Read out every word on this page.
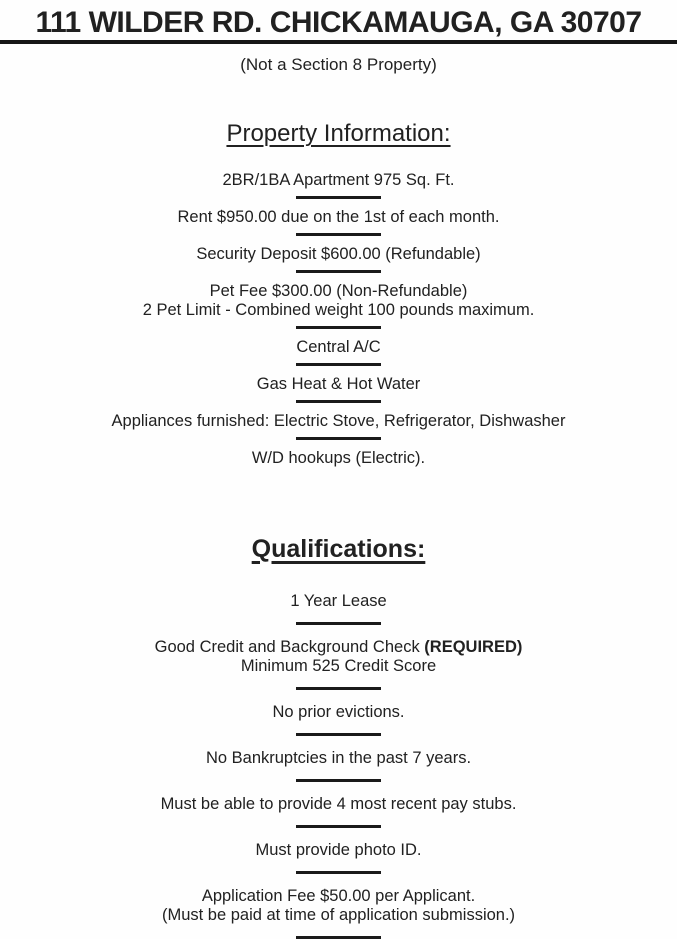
111 WILDER RD. CHICKAMAUGA, GA 30707

(Not a Section 8 Property)

Property Information:

2BR/1BA Apartment 975 Sq. Ft.

Rent $950.00 due on the 1st of each month.

Security Deposit $600.00 (Refundable)

Pet Fee $300.00 (Non-Refundable)

2 Pet Limit - Combined weight 100 pounds maximum.

Central A/C

Gas Heat & Hot Water

Appliances furnished: Electric Stove, Refrigerator, Dishwasher

W/D hookups (Electric).

Qualifications:

1 Year Lease

Good Credit and Background Check (REQUIRED)

Minimum 525 Credit Score

No prior evictions.

No Bankruptcies in the past 7 years.

Must be able to provide 4 most recent pay stubs.

Must provide photo ID.

Application Fee $50.00 per Applicant.

(Must be paid at time of application submission.)
